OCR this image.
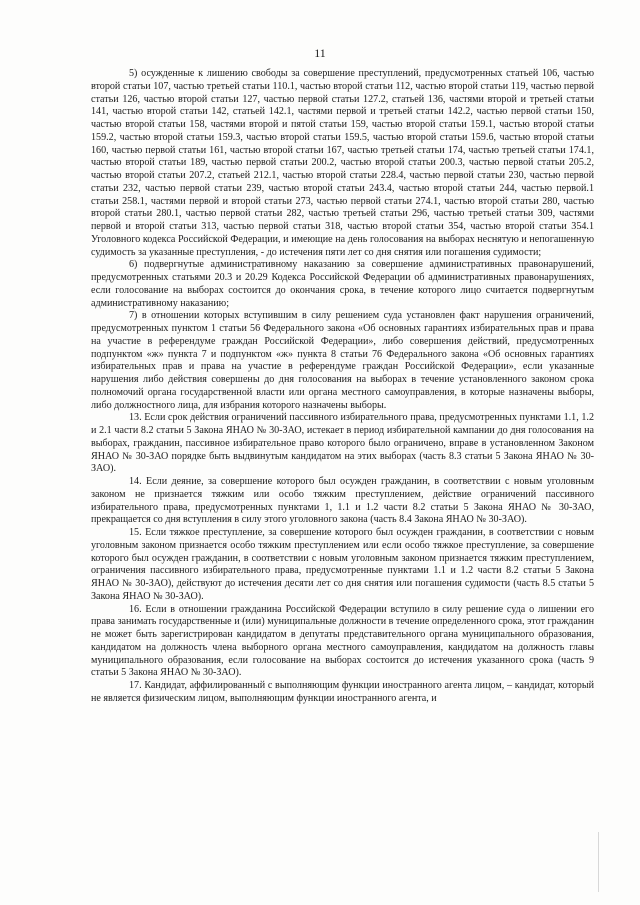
11

5) осужденные к лишению свободы за совершение преступлений, предусмотренных статьей 106, частью второй статьи 107, частью третьей статьи 110.1, частью второй статьи 112, частью второй статьи 119, частью первой статьи 126, частью второй статьи 127, частью первой статьи 127.2, статьей 136, частями второй и третьей статьи 141, частью второй статьи 142, статьей 142.1, частями первой и третьей статьи 142.2, частью первой статьи 150, частью второй статьи 158, частями второй и пятой статьи 159, частью второй статьи 159.1, частью второй статьи 159.2, частью второй статьи 159.3, частью второй статьи 159.5, частью второй статьи 159.6, частью второй статьи 160, частью первой статьи 161, частью второй статьи 167, частью третьей статьи 174, частью третьей статьи 174.1, частью второй статьи 189, частью первой статьи 200.2, частью второй статьи 200.3, частью первой статьи 205.2, частью второй статьи 207.2, статьей 212.1, частью второй статьи 228.4, частью первой статьи 230, частью первой статьи 232, частью первой статьи 239, частью второй статьи 243.4, частью второй статьи 244, частью первой.1 статьи 258.1, частями первой и второй статьи 273, частью первой статьи 274.1, частью второй статьи 280, частью второй статьи 280.1, частью первой статьи 282, частью третьей статьи 296, частью третьей статьи 309, частями первой и второй статьи 313, частью первой статьи 318, частью второй статьи 354, частью второй статьи 354.1 Уголовного кодекса Российской Федерации, и имеющие на день голосования на выборах неснятую и непогашенную судимость за указанные преступления, - до истечения пяти лет со дня снятия или погашения судимости;

6) подвергнутые административному наказанию за совершение административных правонарушений, предусмотренных статьями 20.3 и 20.29 Кодекса Российской Федерации об административных правонарушениях, если голосование на выборах состоится до окончания срока, в течение которого лицо считается подвергнутым административному наказанию;

7) в отношении которых вступившим в силу решением суда установлен факт нарушения ограничений, предусмотренных пунктом 1 статьи 56 Федерального закона «Об основных гарантиях избирательных прав и права на участие в референдуме граждан Российской Федерации», либо совершения действий, предусмотренных подпунктом «ж» пункта 7 и подпунктом «ж» пункта 8 статьи 76 Федерального закона «Об основных гарантиях избирательных прав и права на участие в референдуме граждан Российской Федерации», если указанные нарушения либо действия совершены до дня голосования на выборах в течение установленного законом срока полномочий органа государственной власти или органа местного самоуправления, в которые назначены выборы, либо должностного лица, для избрания которого назначены выборы.

13. Если срок действия ограничений пассивного избирательного права, предусмотренных пунктами 1.1, 1.2 и 2.1 части 8.2 статьи 5 Закона ЯНАО № 30-ЗАО, истекает в период избирательной кампании до дня голосования на выборах, гражданин, пассивное избирательное право которого было ограничено, вправе в установленном Законом ЯНАО № 30-ЗАО порядке быть выдвинутым кандидатом на этих выборах (часть 8.3 статьи 5 Закона ЯНАО № 30-ЗАО).

14. Если деяние, за совершение которого был осужден гражданин, в соответствии с новым уголовным законом не признается тяжким или особо тяжким преступлением, действие ограничений пассивного избирательного права, предусмотренных пунктами 1, 1.1 и 1.2 части 8.2 статьи 5 Закона ЯНАО № 30-ЗАО, прекращается со дня вступления в силу этого уголовного закона (часть 8.4 Закона ЯНАО № 30-ЗАО).

15. Если тяжкое преступление, за совершение которого был осужден гражданин, в соответствии с новым уголовным законом признается особо тяжким преступлением или если особо тяжкое преступление, за совершение которого был осужден гражданин, в соответствии с новым уголовным законом признается тяжким преступлением, ограничения пассивного избирательного права, предусмотренные пунктами 1.1 и 1.2 части 8.2 статьи 5 Закона ЯНАО № 30-ЗАО), действуют до истечения десяти лет со дня снятия или погашения судимости (часть 8.5 статьи 5 Закона ЯНАО № 30-ЗАО).

16. Если в отношении гражданина Российской Федерации вступило в силу решение суда о лишении его права занимать государственные и (или) муниципальные должности в течение определенного срока, этот гражданин не может быть зарегистрирован кандидатом в депутаты представительного органа муниципального образования, кандидатом на должность члена выборного органа местного самоуправления, кандидатом на должность главы муниципального образования, если голосование на выборах состоится до истечения указанного срока (часть 9 статьи 5 Закона ЯНАО № 30-ЗАО).

17. Кандидат, аффилированный с выполняющим функции иностранного агента лицом, – кандидат, который не является физическим лицом, выполняющим функции иностранного агента, и
